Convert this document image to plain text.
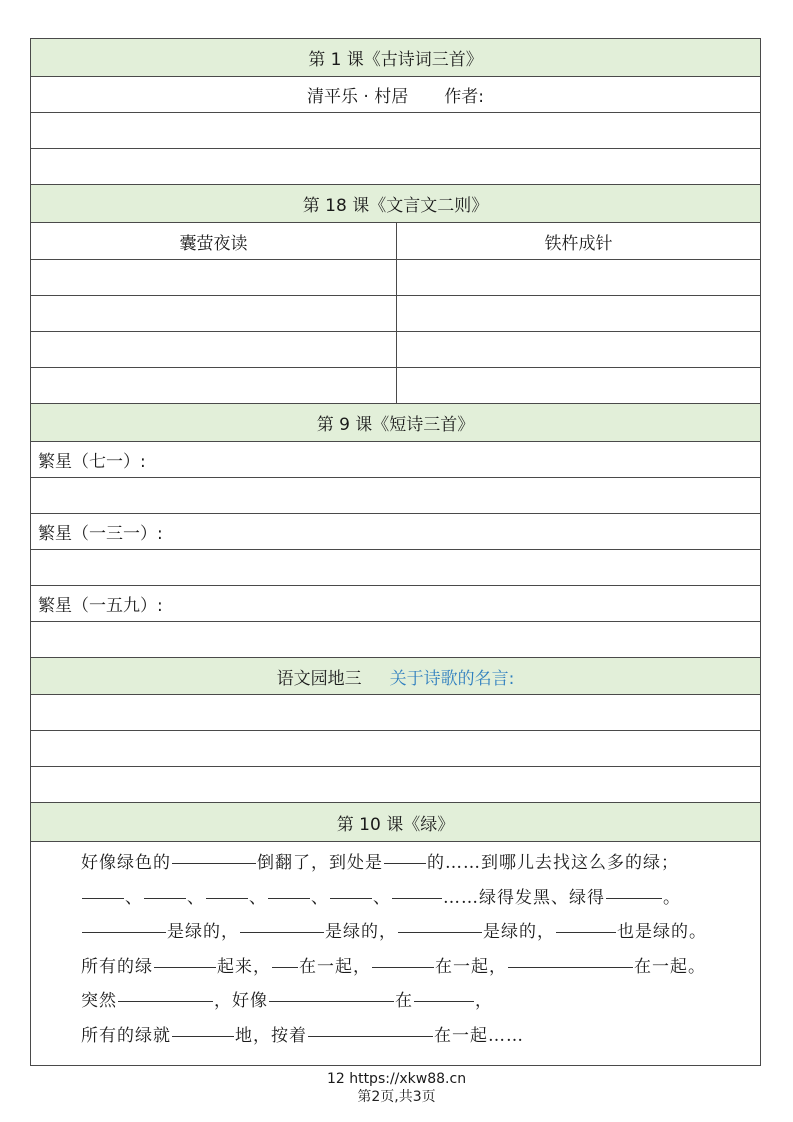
第 1 课《古诗词三首》
清平乐 · 村居 作者:
第 18 课《文言文二则》
囊萤夜读	铁杵成针
第 9 课《短诗三首》
繁星（七一）:
繁星（一三一）:
繁星（一五九）:
语文园地三 关于诗歌的名言:
第 10 课《绿》
好像绿色的	倒翻了，到处是	的……到哪儿去找这么多的绿；
、	、	、	、	、	……绿得发黑、绿得	。
是绿的，	是绿的，	是绿的，	也是绿的。
所有的绿	起来， 在一起，	在一起，	在一起。
突然	，好像	在	，
所有的绿就	地，按着	在一起……
12 https://xkw88.cn
第2页,共3页
